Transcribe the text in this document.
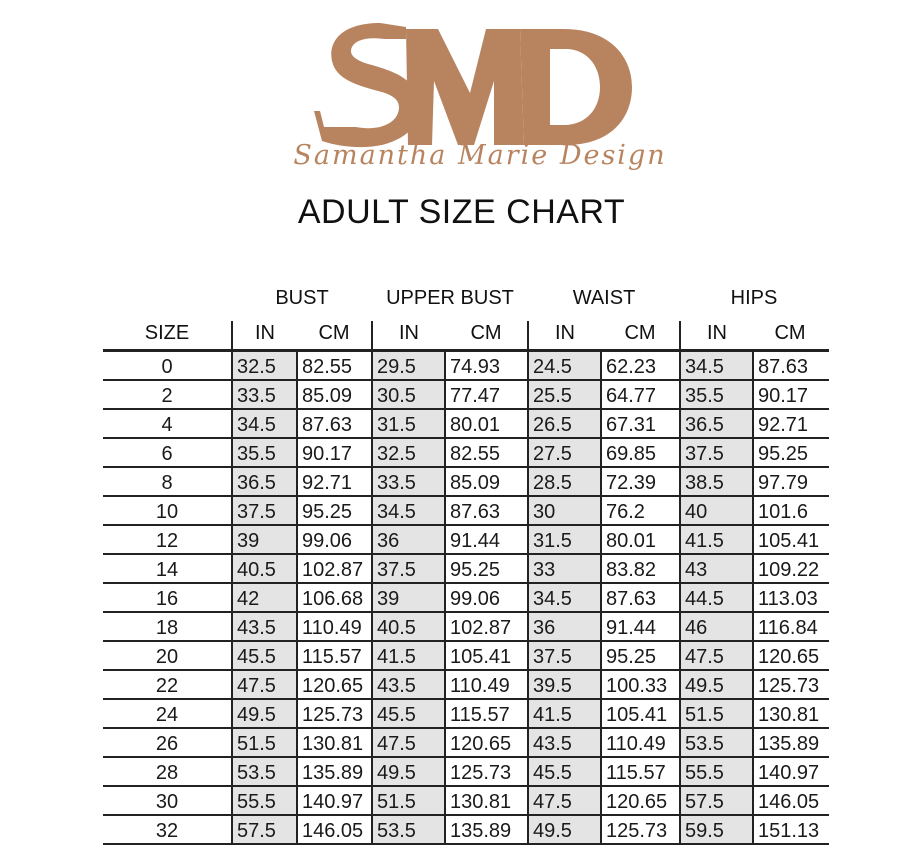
Samantha Marie Design
ADULT SIZE CHART
BUST	UPPER BUST	WAIST	HIPS
SIZE	IN	CM	IN	CM	IN	CM	IN	CM
0	32.5	82.55	29.5	74.93	24.5	62.23	34.5	87.63
2	33.5	85.09	30.5	77.47	25.5	64.77	35.5	90.17
4	34.5	87.63	31.5	80.01	26.5	67.31	36.5	92.71
6	35.5	90.17	32.5	82.55	27.5	69.85	37.5	95.25
8	36.5	92.71	33.5	85.09	28.5	72.39	38.5	97.79
10	37.5	95.25	34.5	87.63	30	76.2	40	101.6
12	39	99.06	36	91.44	31.5	80.01	41.5	105.41
14	40.5	102.87 37.5	95.25	33	83.82	43	109.22
16	42	106.68 39	99.06	34.5	87.63	44.5	113.03
18	43.5	110.49 40.5	102.87	36	91.44	46	116.84
20	45.5	115.57 41.5	105.41	37.5	95.25	47.5	120.65
22	47.5	120.65 43.5	110.49	39.5	100.33 49.5	125.73
24	49.5	125.73 45.5	115.57	41.5	105.41 51.5	130.81
26	51.5	130.81 47.5	120.65	43.5	110.49 53.5	135.89
28	53.5	135.89 49.5	125.73	45.5	115.57 55.5	140.97
30	55.5	140.97 51.5	130.81	47.5	120.65 57.5	146.05
32	57.5	146.05 53.5	135.89	49.5	125.73 59.5	151.13
